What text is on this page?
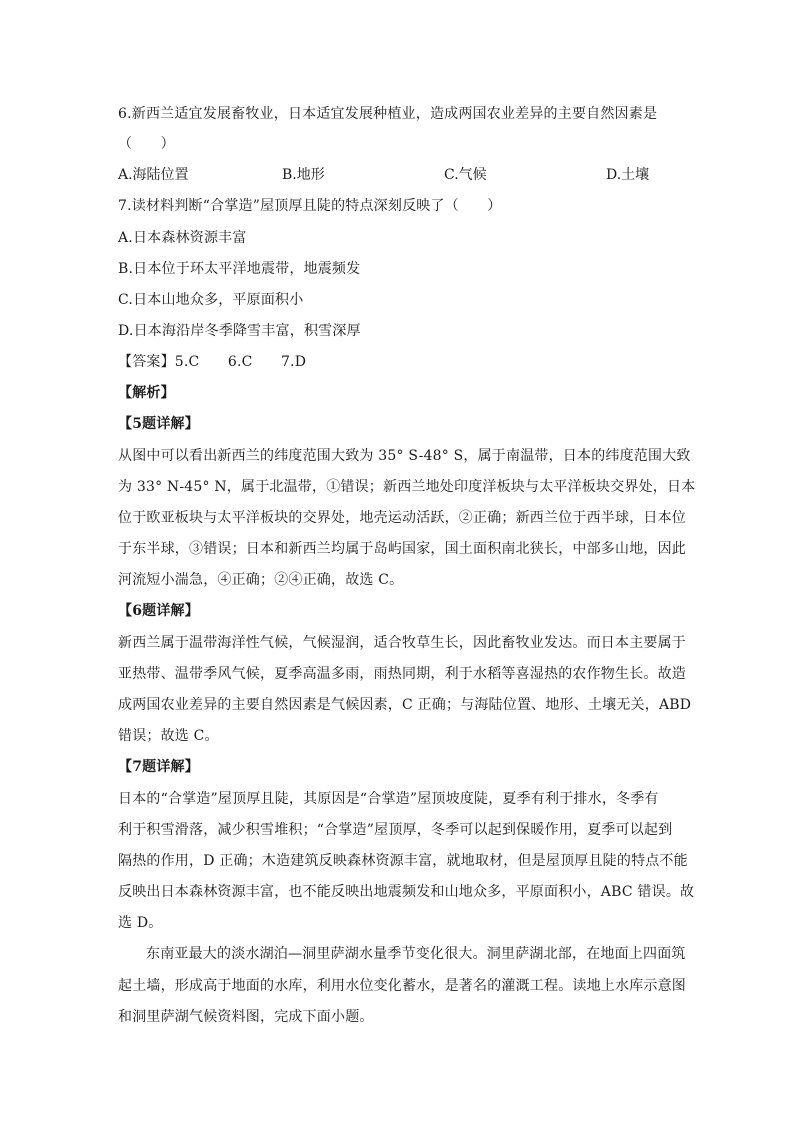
6.新西兰适宜发展畜牧业，日本适宜发展种植业，造成两国农业差异的主要自然因素是
（　　）
A.海陆位置	B.地形	C.气候	D.土壤
7.读材料判断“合掌造”屋顶厚且陡的特点深刻反映了（　　）
A.日本森林资源丰富
B.日本位于环太平洋地震带，地震频发
C.日本山地众多，平原面积小
D.日本海沿岸冬季降雪丰富，积雪深厚
【答案】5.C　　6.C　　7.D
【解析】
【5题详解】
从图中可以看出新西兰的纬度范围大致为 35° S-48° S，属于南温带，日本的纬度范围大致
为 33° N-45° N，属于北温带，①错误；新西兰地处印度洋板块与太平洋板块交界处，日本
位于欧亚板块与太平洋板块的交界处，地壳运动活跃，②正确；新西兰位于西半球，日本位
于东半球，③错误；日本和新西兰均属于岛屿国家，国土面积南北狭长，中部多山地，因此
河流短小湍急，④正确；②④正确，故选 C。
【6题详解】
新西兰属于温带海洋性气候，气候湿润，适合牧草生长，因此畜牧业发达。而日本主要属于
亚热带、温带季风气候，夏季高温多雨，雨热同期，利于水稻等喜湿热的农作物生长。故造
成两国农业差异的主要自然因素是气候因素，C 正确；与海陆位置、地形、土壤无关，ABD
错误；故选 C。
【7题详解】
日本的“合掌造”屋顶厚且陡，其原因是“合掌造”屋顶坡度陡，夏季有利于排水，冬季有
利于积雪滑落，减少积雪堆积；“合掌造”屋顶厚，冬季可以起到保暖作用，夏季可以起到
隔热的作用，D 正确；木造建筑反映森林资源丰富，就地取材，但是屋顶厚且陡的特点不能
反映出日本森林资源丰富，也不能反映出地震频发和山地众多，平原面积小，ABC 错误。故
选 D。
东南亚最大的淡水湖泊—洞里萨湖水量季节变化很大。洞里萨湖北部，在地面上四面筑
起土墙，形成高于地面的水库，利用水位变化蓄水，是著名的灌溉工程。读地上水库示意图
和洞里萨湖气候资料图，完成下面小题。
